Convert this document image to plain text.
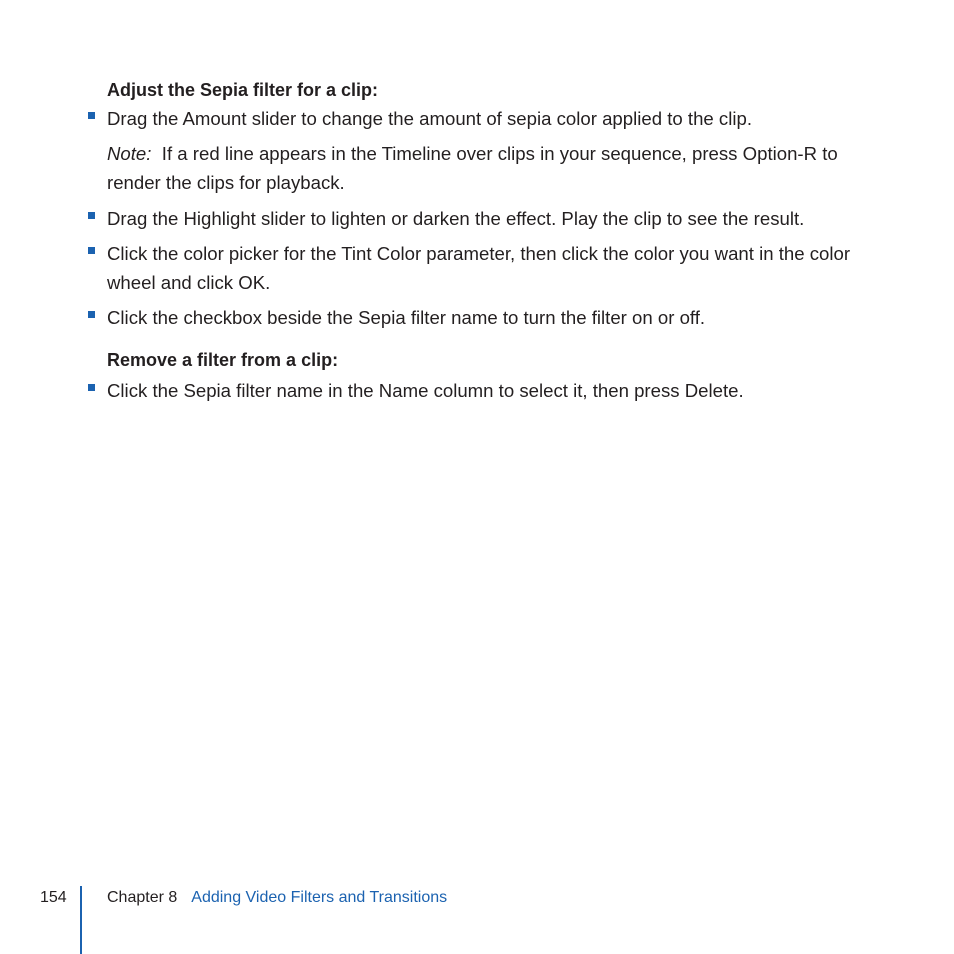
Adjust the Sepia filter for a clip:
Drag the Amount slider to change the amount of sepia color applied to the clip.
Note: If a red line appears in the Timeline over clips in your sequence, press Option-R to render the clips for playback.
Drag the Highlight slider to lighten or darken the effect. Play the clip to see the result.
Click the color picker for the Tint Color parameter, then click the color you want in the color wheel and click OK.
Click the checkbox beside the Sepia filter name to turn the filter on or off.
Remove a filter from a clip:
Click the Sepia filter name in the Name column to select it, then press Delete.
154	Chapter 8 Adding Video Filters and Transitions
